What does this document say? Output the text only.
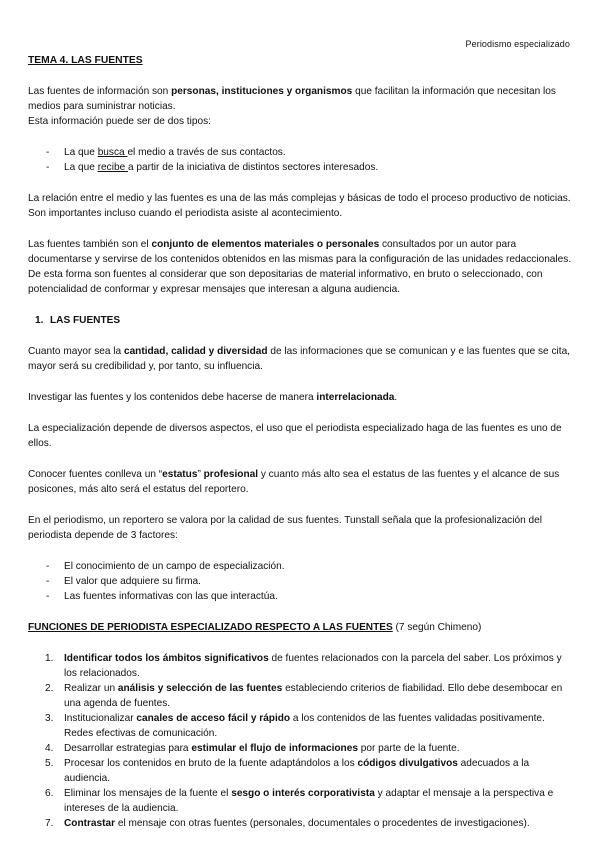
Periodismo especializado
TEMA 4. LAS FUENTES

Las fuentes de información son personas, instituciones y organismos que facilitan la información que necesitan los medios para suministrar noticias.
Esta información puede ser de dos tipos:

- La que busca el medio a través de sus contactos.
- La que recibe a partir de la iniciativa de distintos sectores interesados.

La relación entre el medio y las fuentes es una de las más complejas y básicas de todo el proceso productivo de noticias. Son importantes incluso cuando el periodista asiste al acontecimiento.

Las fuentes también son el conjunto de elementos materiales o personales consultados por un autor para documentarse y servirse de los contenidos obtenidos en las mismas para la configuración de las unidades redaccionales. De esta forma son fuentes al considerar que son depositarias de material informativo, en bruto o seleccionado, con potencialidad de conformar y expresar mensajes que interesan a alguna audiencia.

1. LAS FUENTES

Cuanto mayor sea la cantidad, calidad y diversidad de las informaciones que se comunican y e las fuentes que se cita, mayor será su credibilidad y, por tanto, su influencia.

Investigar las fuentes y los contenidos debe hacerse de manera interrelacionada.

La especialización depende de diversos aspectos, el uso que el periodista especializado haga de las fuentes es uno de ellos.

Conocer fuentes conlleva un “estatus” profesional y cuanto más alto sea el estatus de las fuentes y el alcance de sus posicones, más alto será el estatus del reportero.

En el periodismo, un reportero se valora por la calidad de sus fuentes. Tunstall señala que la profesionalización del periodista depende de 3 factores:

- El conocimiento de un campo de especialización.
- El valor que adquiere su firma.
- Las fuentes informativas con las que interactúa.
FUNCIONES DE PERIODISTA ESPECIALIZADO RESPECTO A LAS FUENTES (7 según Chimeno)
1. Identificar todos los ámbitos significativos de fuentes relacionados con la parcela del saber. Los próximos y los relacionados.
2. Realizar un análisis y selección de las fuentes estableciendo criterios de fiabilidad. Ello debe desembocar en una agenda de fuentes.
3. Institucionalizar canales de acceso fácil y rápido a los contenidos de las fuentes validadas positivamente. Redes efectivas de comunicación.
4. Desarrollar estrategias para estimular el flujo de informaciones por parte de la fuente.
5. Procesar los contenidos en bruto de la fuente adaptándolos a los códigos divulgativos adecuados a la audiencia.
6. Eliminar los mensajes de la fuente el sesgo o interés corporativista y adaptar el mensaje a la perspectiva e intereses de la audiencia.
7. Contrastar el mensaje con otras fuentes (personales, documentales o procedentes de investigaciones).
